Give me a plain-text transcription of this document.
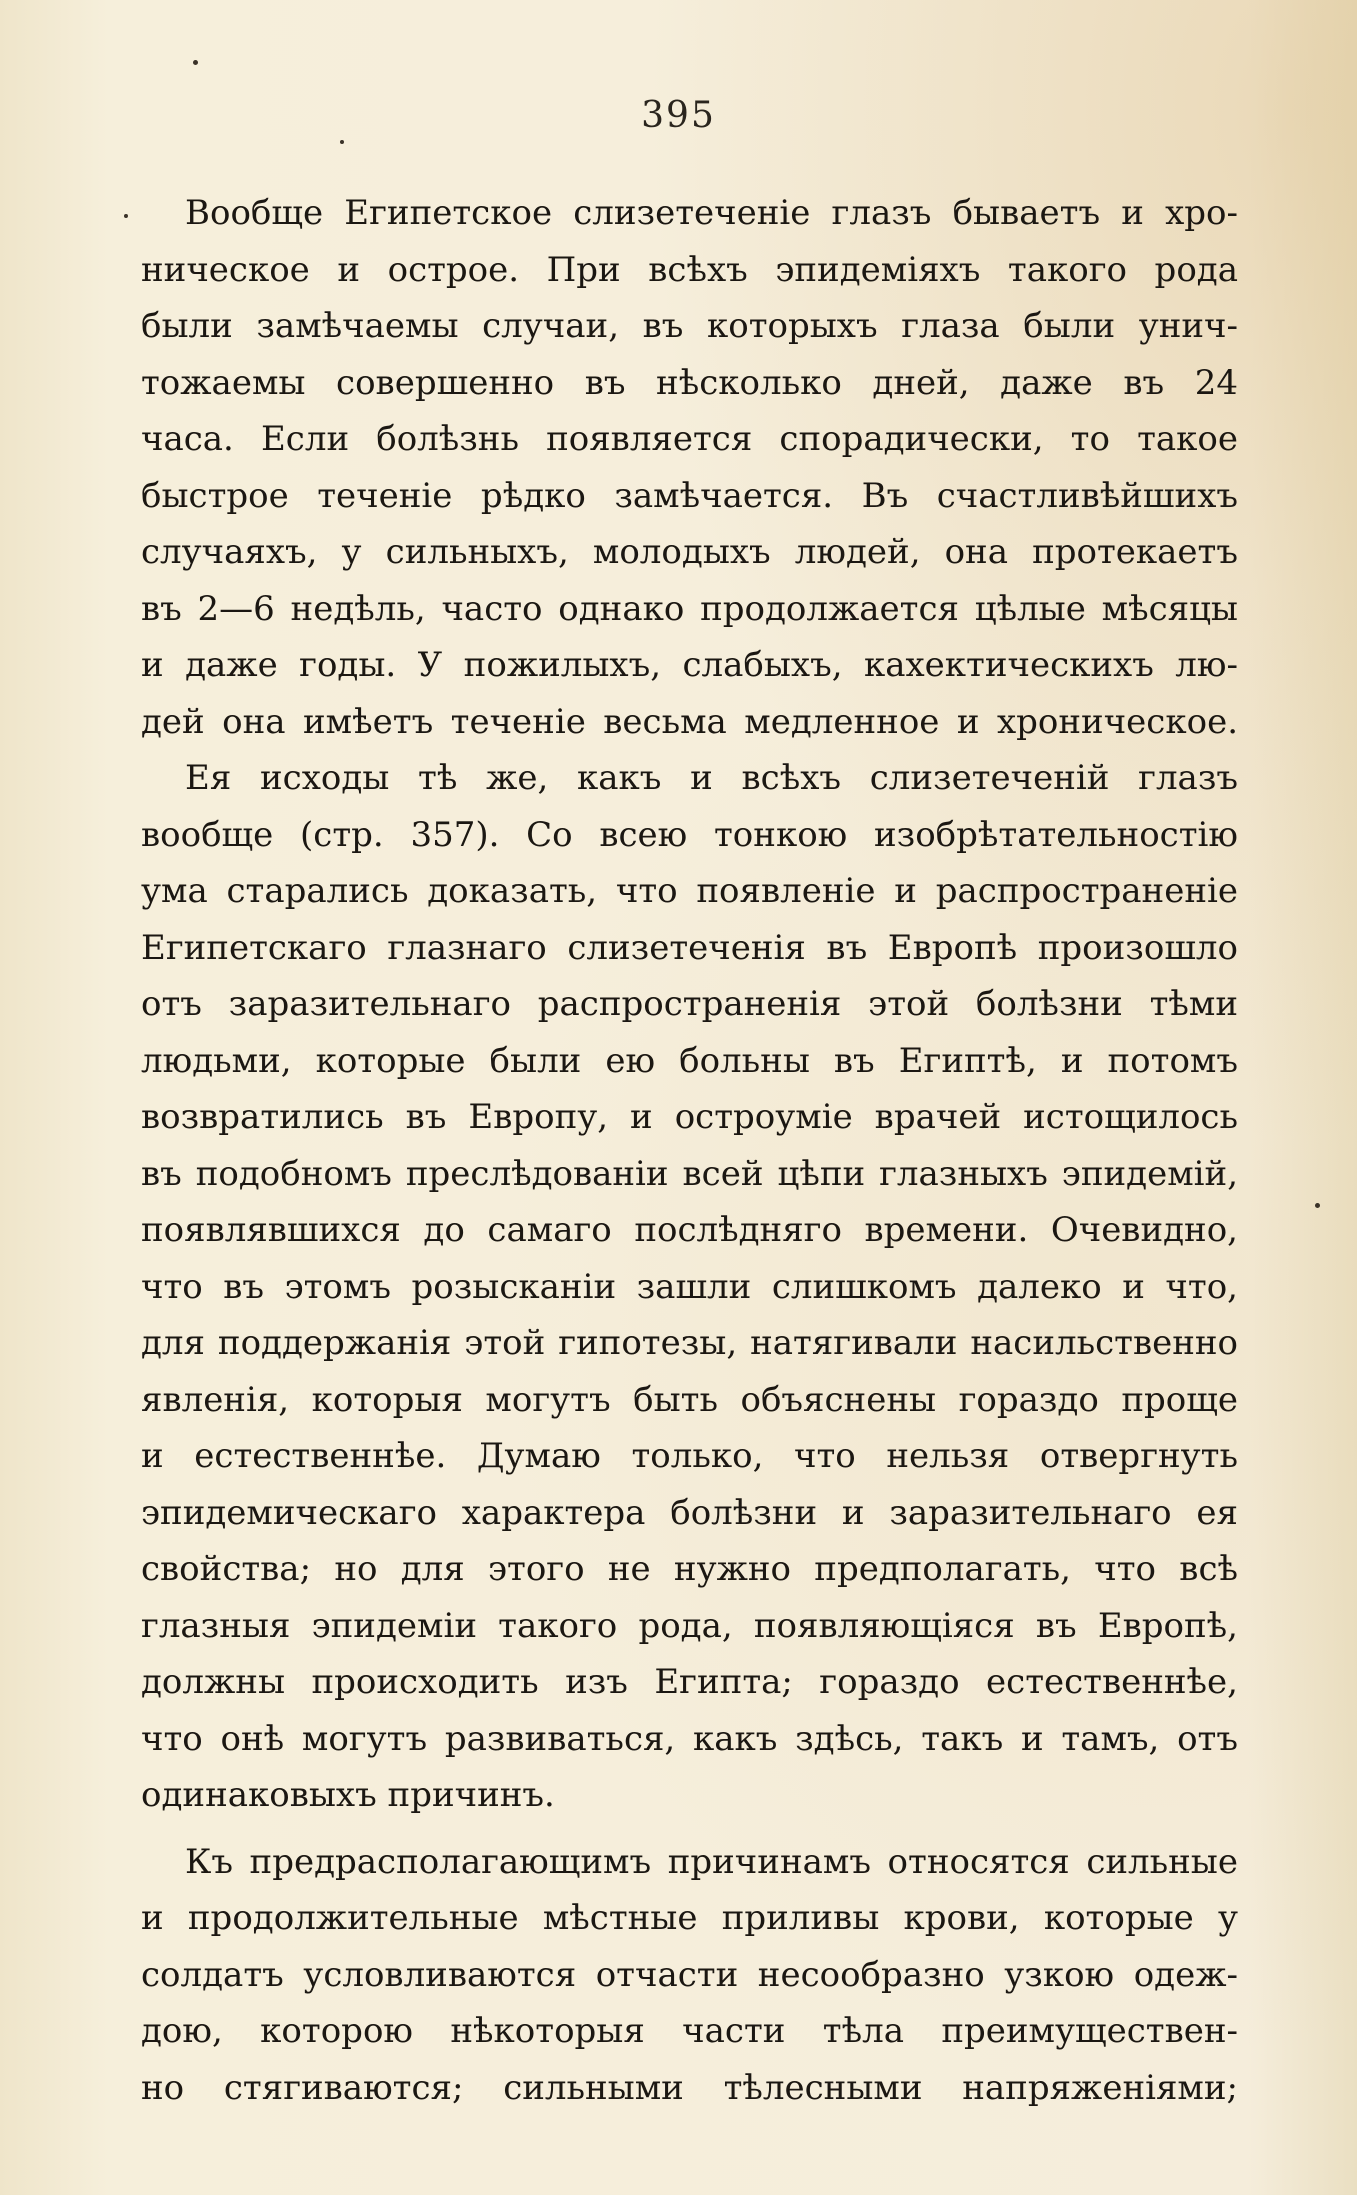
395
Вообще Египетское слизетеченіе глазъ бываетъ и хро-
ническое и острое. При всѣхъ эпидеміяхъ такого рода
были замѣчаемы случаи, въ которыхъ глаза были унич-
тожаемы совершенно въ нѣсколько дней, даже въ 24
часа. Если болѣзнь появляется спорадически, то такое
быстрое теченіе рѣдко замѣчается. Въ счастливѣйшихъ
случаяхъ, у сильныхъ, молодыхъ людей, она протекаетъ
въ 2—6 недѣль, часто однако продолжается цѣлые мѣсяцы
и даже годы. У пожилыхъ, слабыхъ, кахектическихъ лю-
дей она имѣетъ теченіе весьма медленное и хроническое.
Ея исходы тѣ же, какъ и всѣхъ слизетеченій глазъ
вообще (стр. 357). Со всею тонкою изобрѣтательностію
ума старались доказать, что появленіе и распространеніе
Египетскаго глазнаго слизетеченія въ Европѣ произошло
отъ заразительнаго распространенія этой болѣзни тѣми
людьми, которые были ею больны въ Египтѣ, и потомъ
возвратились въ Европу, и остроуміе врачей истощилось
въ подобномъ преслѣдованіи всей цѣпи глазныхъ эпидемій,
появлявшихся до самаго послѣдняго времени. Очевидно,
что въ этомъ розысканіи зашли слишкомъ далеко и что,
для поддержанія этой гипотезы, натягивали насильственно
явленія, которыя могутъ быть объяснены гораздо проще
и естественнѣе. Думаю только, что нельзя отвергнуть
эпидемическаго характера болѣзни и заразительнаго ея
свойства; но для этого не нужно предполагать, что всѣ
глазныя эпидеміи такого рода, появляющіяся въ Европѣ,
должны происходить изъ Египта; гораздо естественнѣе,
что онѣ могутъ развиваться, какъ здѣсь, такъ и тамъ, отъ
одинаковыхъ причинъ.
Къ предрасполагающимъ причинамъ относятся сильные
и продолжительные мѣстные приливы крови, которые у
солдатъ условливаются отчасти несообразно узкою одеж-
дою, которою нѣкоторыя части тѣла преимуществен-
но стягиваются; сильными тѣлесными напряженіями;
